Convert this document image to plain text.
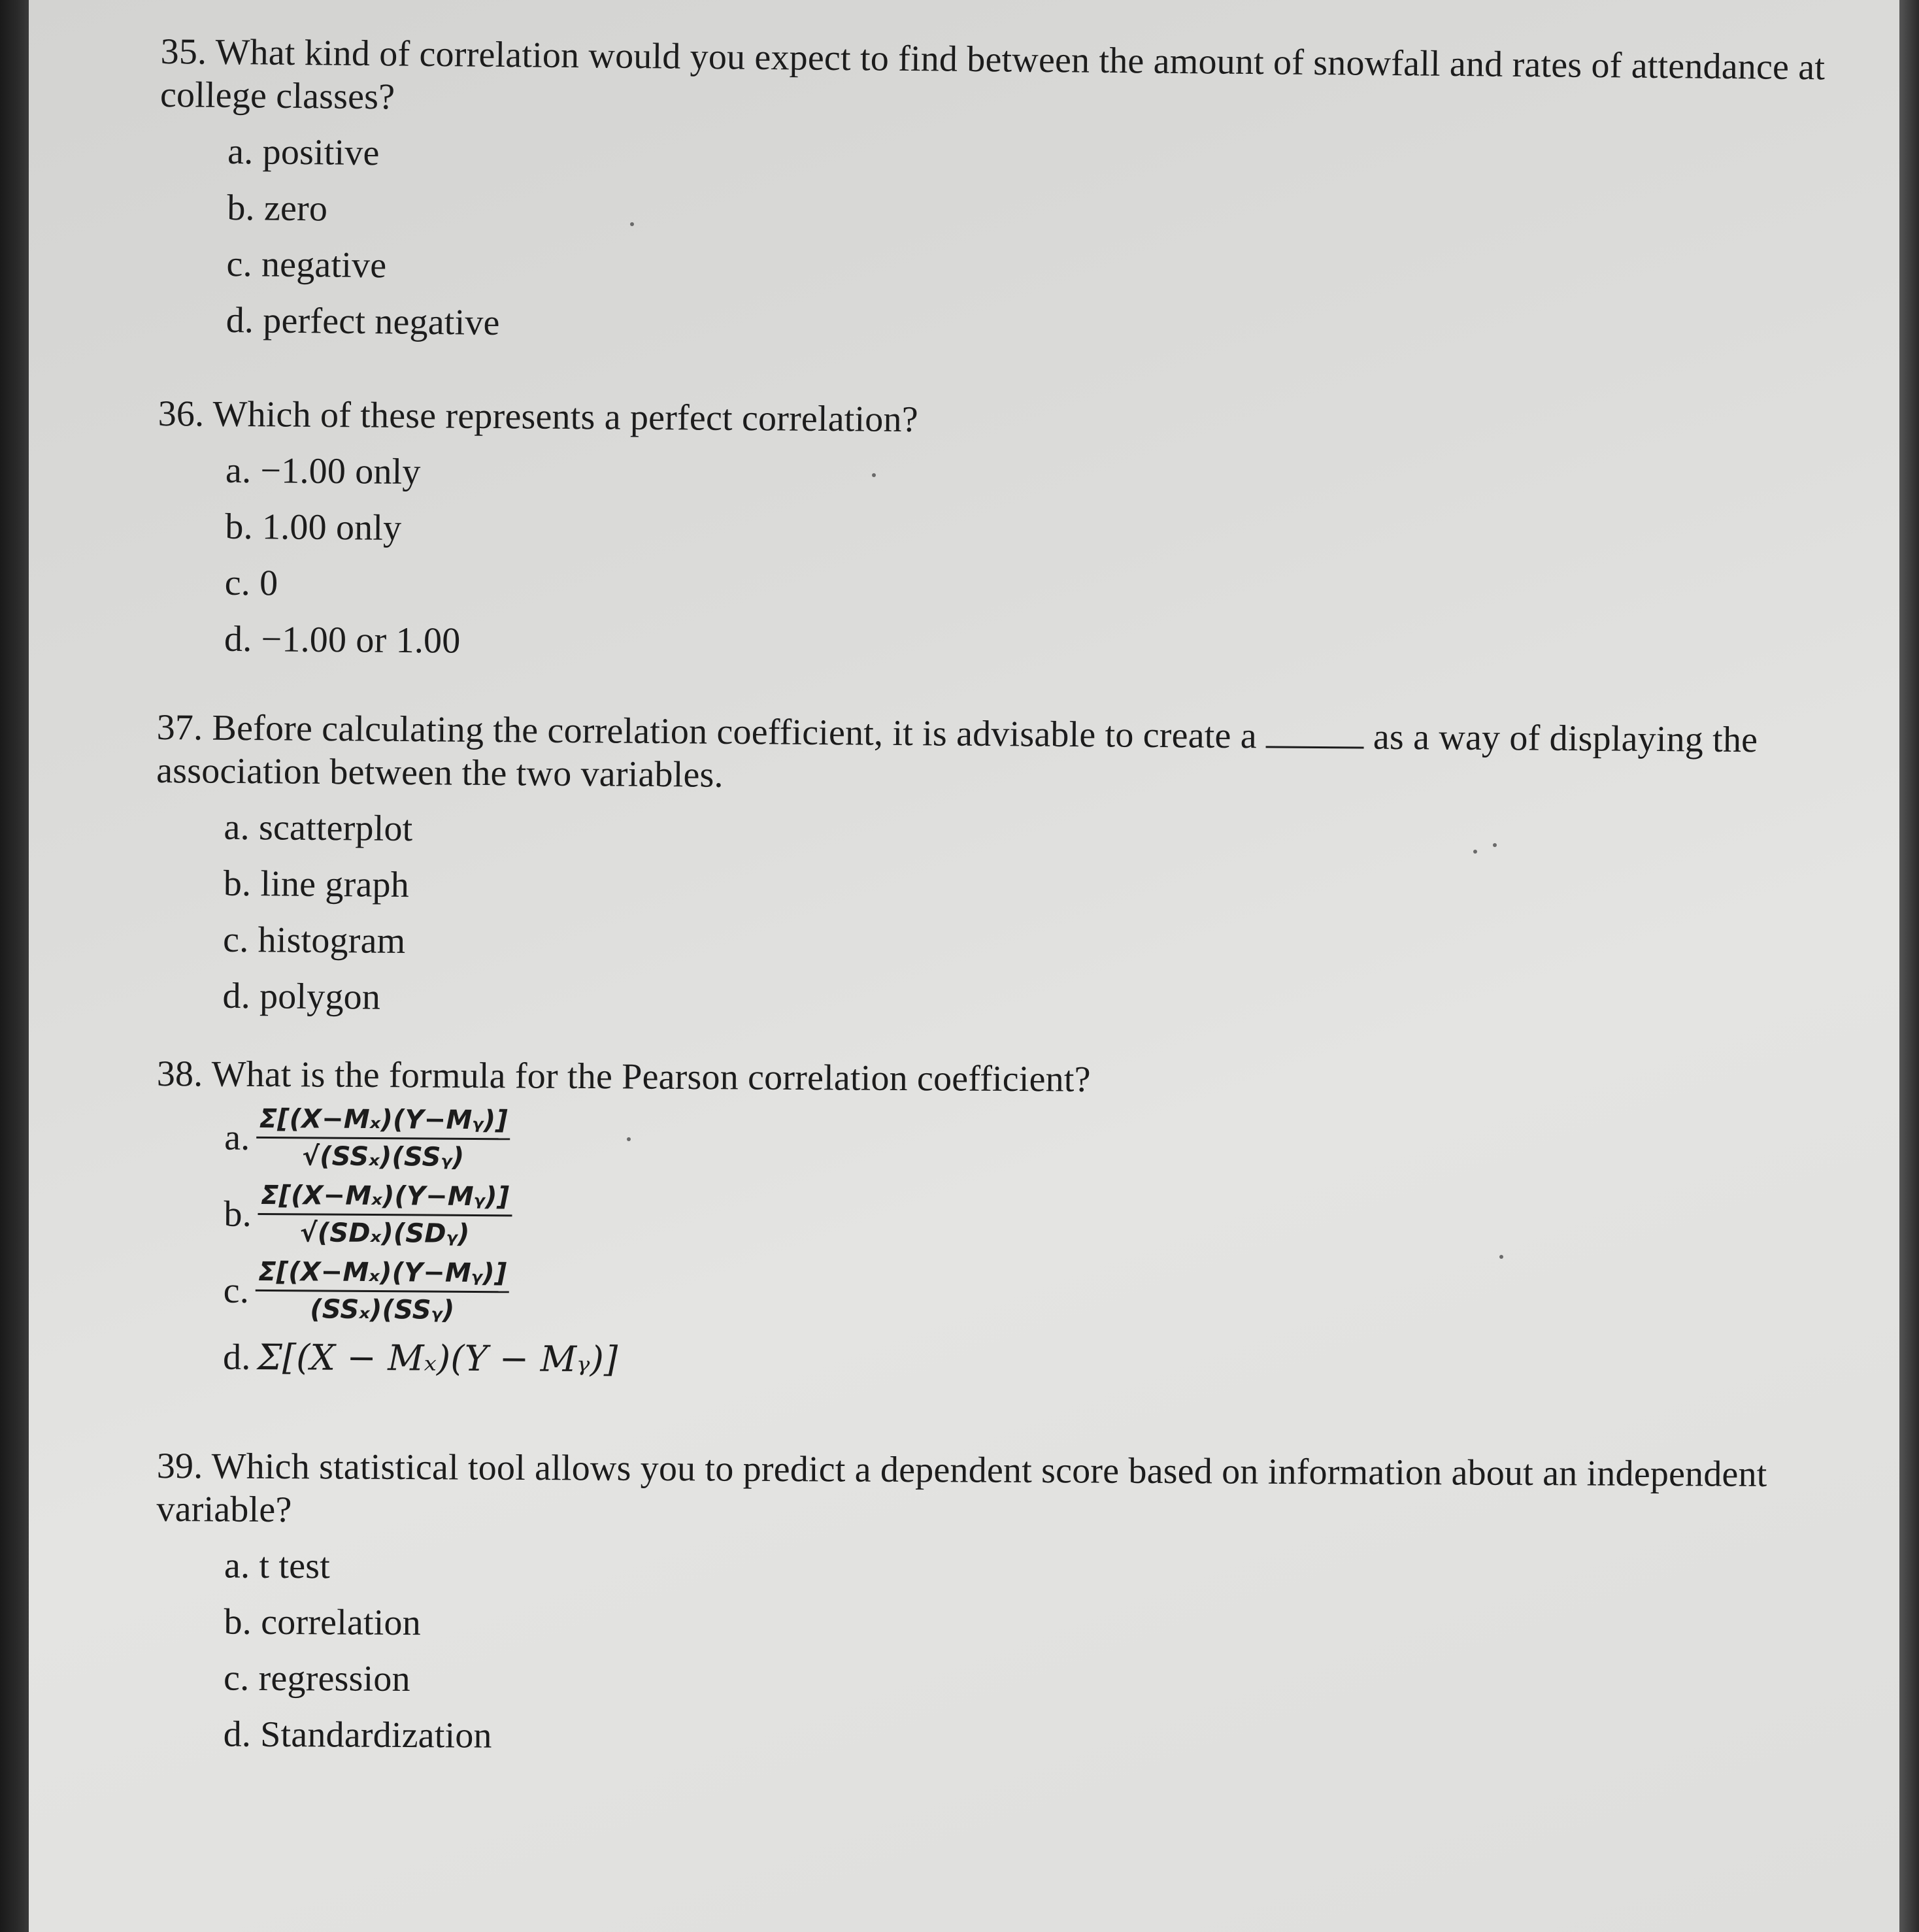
35. What kind of correlation would you expect to find between the amount of snowfall and rates of attendance at college classes?
a. positive
b. zero
c. negative
d. perfect negative
36. Which of these represents a perfect correlation?
a. −1.00 only
b. 1.00 only
c. 0
d. −1.00 or 1.00
37. Before calculating the correlation coefficient, it is advisable to create a	as a way of displaying the association between the two variables.
a. scatterplot
b. line graph
c. histogram
d. polygon
38. What is the formula for the Pearson correlation coefficient?
a. $\frac{\text{Σ[(X−Mₓ)(Y−Mᵧ)]}}{\text{√(SSₓ)(SSᵧ)}}$
b. $\frac{\text{Σ[(X−Mₓ)(Y−Mᵧ)]}}{\text{√(SDₓ)(SDᵧ)}}$
c. $\frac{\text{Σ[(X−Mₓ)(Y−Mᵧ)]}}{\text{(SSₓ)(SSᵧ)}}$
d. Σ[(X − Mₓ)(Y − Mᵧ)]
39. Which statistical tool allows you to predict a dependent score based on information about an independent variable?
a. t test
b. correlation
c. regression
d. Standardization
